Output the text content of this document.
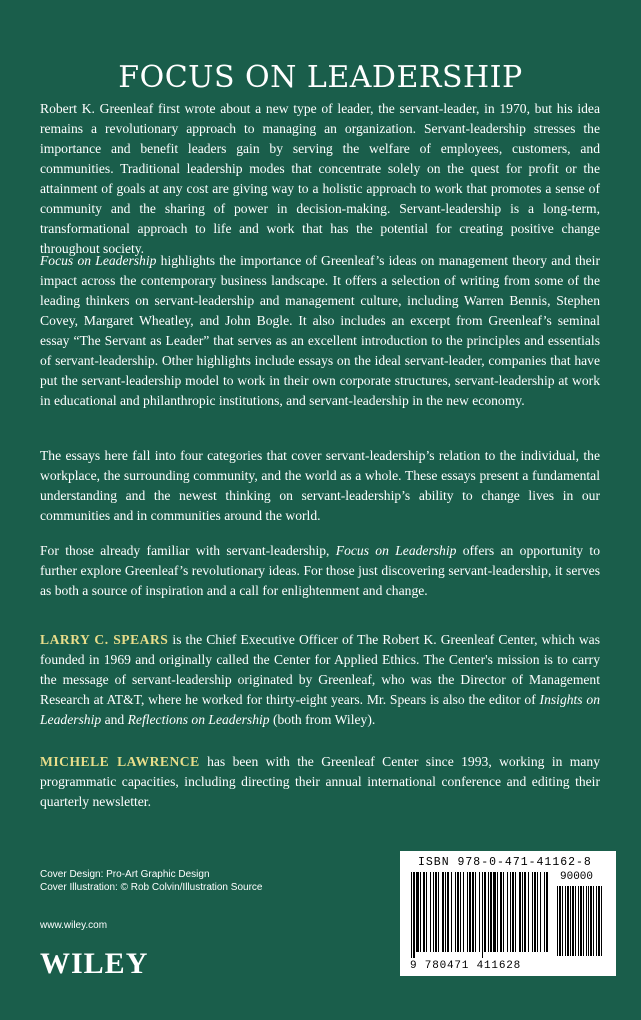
FOCUS ON LEADERSHIP

Robert K. Greenleaf first wrote about a new type of leader, the servant-leader, in 1970, but his idea remains a revolutionary approach to managing an organization. Servant-leadership stresses the importance and benefit leaders gain by serving the welfare of employees, customers, and communities. Traditional leadership modes that concentrate solely on the quest for profit or the attainment of goals at any cost are giving way to a holistic approach to work that promotes a sense of community and the sharing of power in decision-making. Servant-leadership is a long-term, transformational approach to life and work that has the potential for creating positive change throughout society.

Focus on Leadership highlights the importance of Greenleaf’s ideas on management theory and their impact across the contemporary business landscape. It offers a selection of writing from some of the leading thinkers on servant-leadership and management culture, including Warren Bennis, Stephen Covey, Margaret Wheatley, and John Bogle. It also includes an excerpt from Greenleaf’s seminal essay “The Servant as Leader” that serves as an excellent introduction to the principles and essentials of servant-leadership. Other highlights include essays on the ideal servant-leader, companies that have put the servant-leadership model to work in their own corporate structures, servant-leadership at work in educational and philanthropic institutions, and servant-leadership in the new economy.

The essays here fall into four categories that cover servant-leadership’s relation to the individual, the workplace, the surrounding community, and the world as a whole. These essays present a fundamental understanding and the newest thinking on servant-leadership’s ability to change lives in our communities and in communities around the world.

For those already familiar with servant-leadership, Focus on Leadership offers an opportunity to further explore Greenleaf’s revolutionary ideas. For those just discovering servant-leadership, it serves as both a source of inspiration and a call for enlightenment and change.

LARRY C. SPEARS is the Chief Executive Officer of The Robert K. Greenleaf Center, which was founded in 1969 and originally called the Center for Applied Ethics. The Center's mission is to carry the message of servant-leadership originated by Greenleaf, who was the Director of Management Research at AT&T, where he worked for thirty-eight years. Mr. Spears is also the editor of Insights on Leadership and Reflections on Leadership (both from Wiley).

MICHELE LAWRENCE has been with the Greenleaf Center since 1993, working in many programmatic capacities, including directing their annual international conference and editing their quarterly newsletter.

Cover Design: Pro-Art Graphic Design
Cover Illustration: © Rob Colvin/Illustration Source
www.wiley.com
WILEY
ISBN 978-0-471-41162-8
90000
9 780471 411628
